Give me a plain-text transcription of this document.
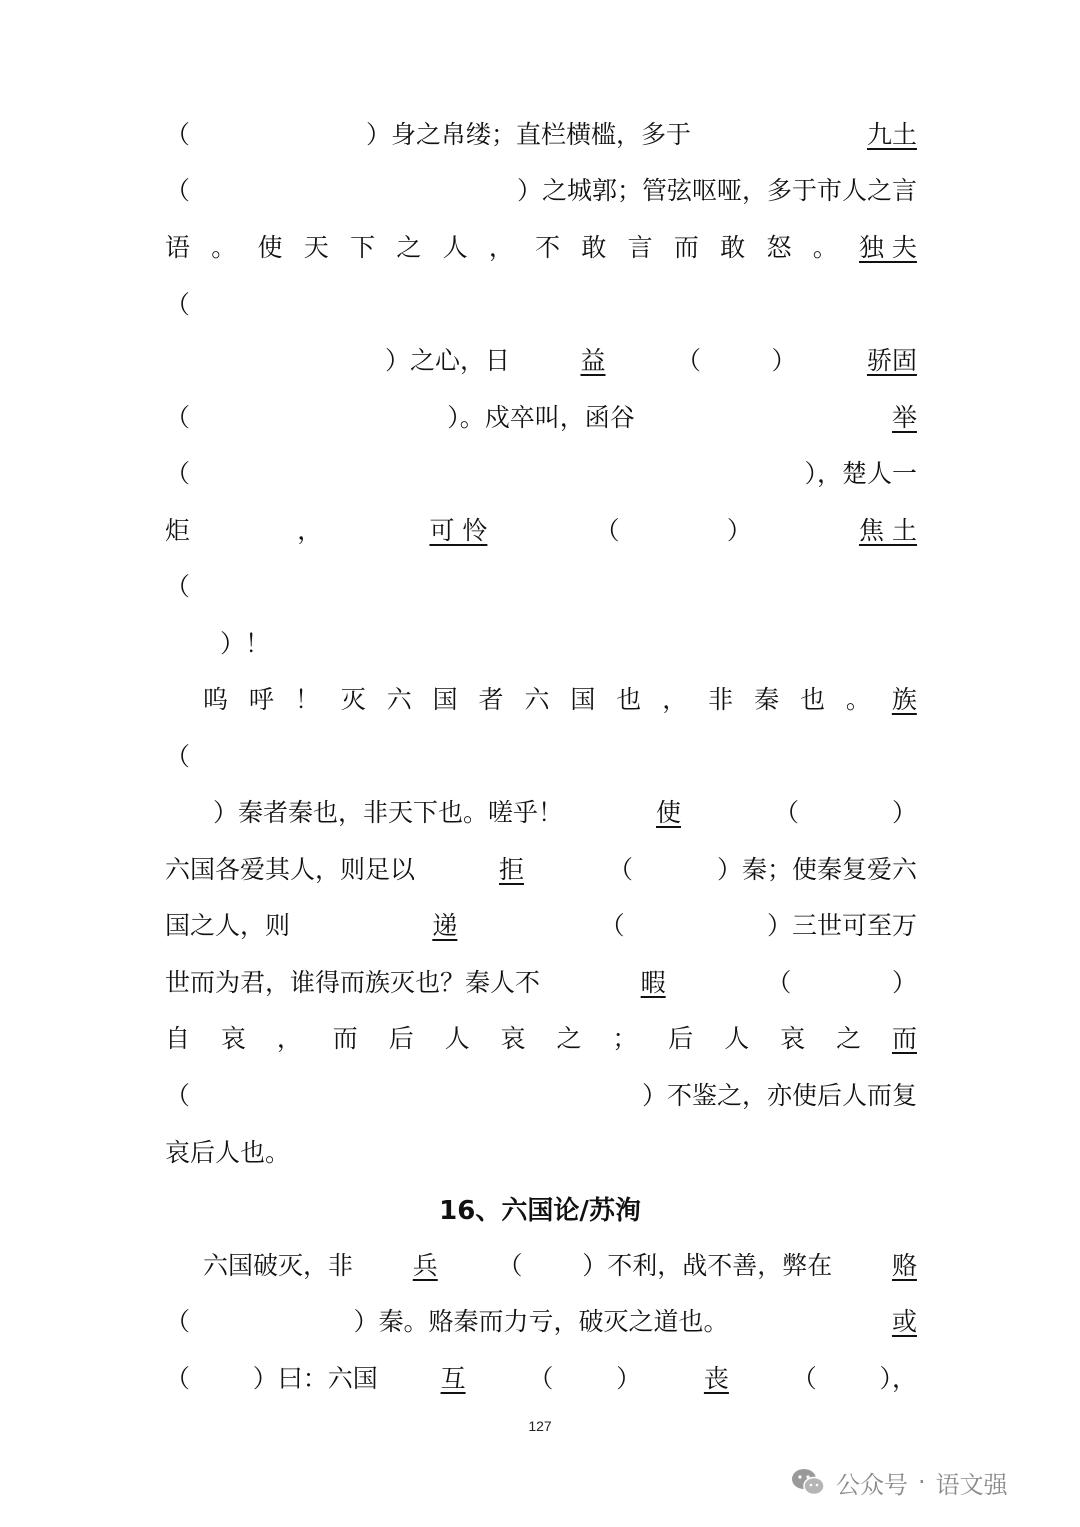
（	）身之帛缕；直栏横槛，多于	九土
（	）之城郭；管弦呕哑，多于市人之言
语 。 使 天 下 之 人 ， 不 敢 言 而 敢 怒 。 独 夫
（
）之心，日	益	（	）	骄固
（	）。戍卒叫，函谷	举
（	），楚人一
炬	，	可 怜	（	）	焦 土
（
）！
呜 呼 ！ 灭 六 国 者 六 国 也 ， 非 秦 也 。 族
（
）秦者秦也，非天下也。嗟乎！	使	（	）
六国各爱其人，则足以	拒	（	）秦；使秦复爱六
国之人，则	递	（	）三世可至万
世而为君，谁得而族灭也？秦人不	暇	（	）
自 哀 ， 而 后 人 哀 之 ； 后 人 哀 之 而
（	）不鉴之，亦使后人而复
哀后人也。
六国破灭，非 兵 （ ）不利，战不善，弊在 赂
（	）秦。赂秦而力亏，破灭之道也。	或
（	）曰：六国	互	（	）	丧	（	），
16、六国论/苏洵
127
公众号 · 语文强
